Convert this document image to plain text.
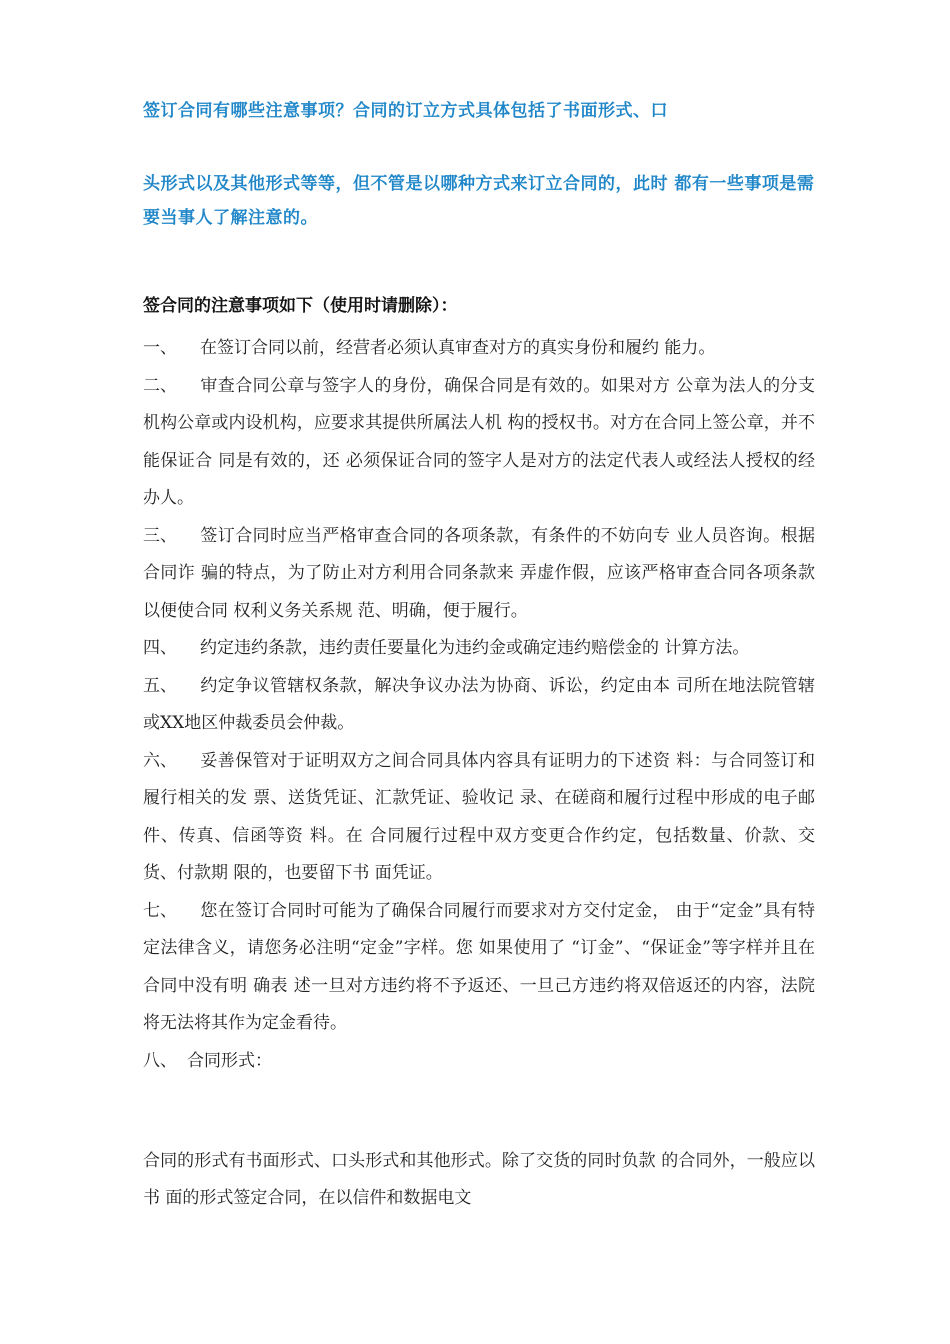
签订合同有哪些注意事项？合同的订立方式具体包括了书面形式、口

头形式以及其他形式等等，但不管是以哪种方式来订立合同的，此时 都有一些事项是需要当事人了解注意的。

签合同的注意事项如下（使用时请删除）：

一、 在签订合同以前，经营者必须认真审查对方的真实身份和履约 能力。

二、 审查合同公章与签字人的身份，确保合同是有效的。如果对方 公章为法人的分支机构公章或内设机构，应要求其提供所属法人机 构的授权书。对方在合同上签公章，并不能保证合 同是有效的，还 必须保证合同的签字人是对方的法定代表人或经法人授权的经办人。

三、 签订合同时应当严格审查合同的各项条款，有条件的不妨向专 业人员咨询。根据合同诈 骗的特点，为了防止对方利用合同条款来 弄虚作假，应该严格审查合同各项条款以便使合同 权利义务关系规 范、明确，便于履行。

四、 约定违约条款，违约责任要量化为违约金或确定违约赔偿金的 计算方法。

五、 约定争议管辖权条款，解决争议办法为协商、诉讼，约定由本 司所在地法院管辖或XX地区仲裁委员会仲裁。

六、 妥善保管对于证明双方之间合同具体内容具有证明力的下述资 料：与合同签订和履行相关的发 票、送货凭证、汇款凭证、验收记 录、在磋商和履行过程中形成的电子邮件、传真、信函等资 料。在 合同履行过程中双方变更合作约定，包括数量、价款、交货、付款期 限的，也要留下书 面凭证。

七、 您在签订合同时可能为了确保合同履行而要求对方交付定金， 由于“定金”具有特定法律含义，请您务必注明“定金”字样。您 如果使用了 “订金”、“保证金”等字样并且在合同中没有明 确表 述一旦对方违约将不予返还、一旦己方违约将双倍返还的内容，法院 将无法将其作为定金看待。

八、 合同形式：

合同的形式有书面形式、口头形式和其他形式。除了交货的同时负款 的合同外，一般应以书 面的形式签定合同，在以信件和数据电文
